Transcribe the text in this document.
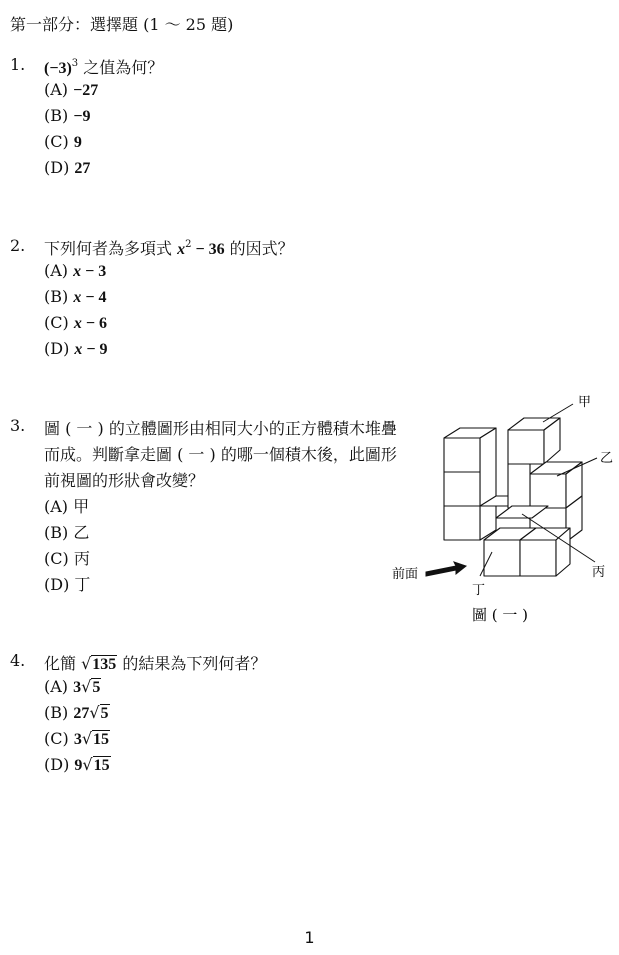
第一部分：選擇題 (1 ～ 25 題)
1. $(-3)^3$ 之值為何？
(A) −27
(B) −9
(C) 9
(D) 27
2. 下列何者為多項式 $x^2 - 36$ 的因式？
(A) x − 3
(B) x − 4
(C) x − 6
(D) x − 9
3. 圖 ( 一 ) 的立體圖形由相同大小的正方體積木堆疊
而成。判斷拿走圖 ( 一 ) 的哪一個積木後，此圖形
前視圖的形狀會改變？
(A) 甲
(B) 乙
(C) 丙
(D) 丁
甲
乙
丙
丁
前面
圖 ( 一 )
4. 化簡 √135 的結果為下列何者？
(A) 3√5
(B) 27√5
(C) 3√15
(D) 9√15
1
